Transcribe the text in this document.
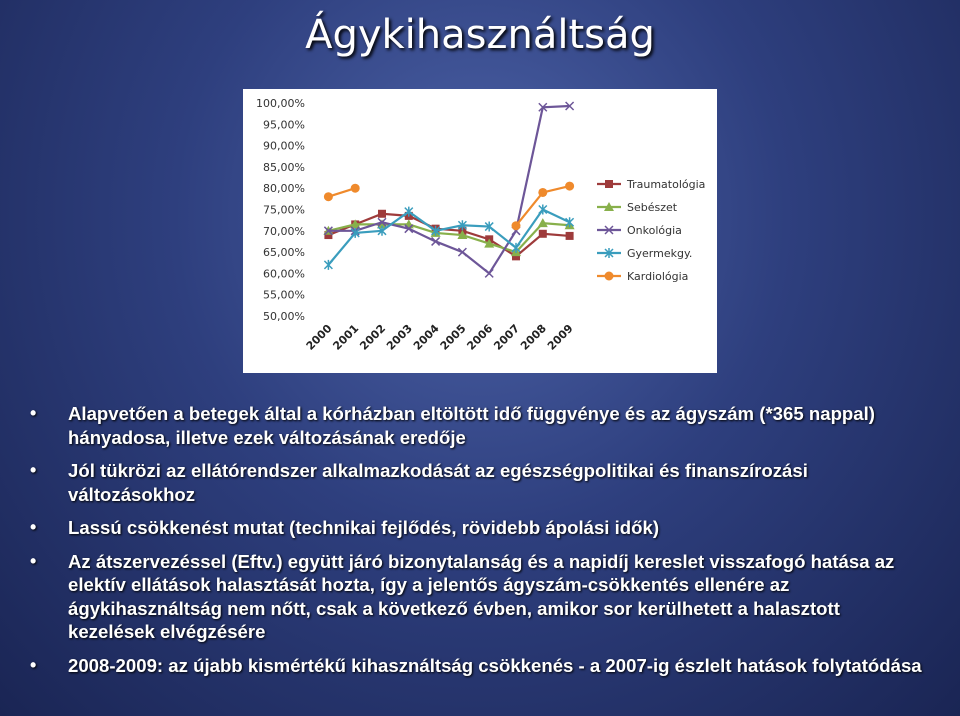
Ágykihasználtság
100,00%
95,00%
90,00%
85,00%
80,00%
75,00%
70,00%
65,00%
60,00%
55,00%
50,00%
2000
2001
2002
2003
2004
2005
2006
2007
2008
2009
Traumatológia
Sebészet
Onkológia
Gyermekgy.
Kardiológia
• Alapvetően a betegek által a kórházban eltöltött idő függvénye és az ágyszám (*365 nappal) hányadosa, illetve ezek változásának eredője
• Jól tükrözi az ellátórendszer alkalmazkodását az egészségpolitikai és finanszírozási változásokhoz
• Lassú csökkenést mutat (technikai fejlődés, rövidebb ápolási idők)
• Az átszervezéssel (Eftv.) együtt járó bizonytalanság és a napidíj kereslet visszafogó hatása az elektív ellátások halasztását hozta, így a jelentős ágyszám-csökkentés ellenére az ágykihasználtság nem nőtt, csak a következő évben, amikor sor kerülhetett a halasztott kezelések elvégzésére
• 2008-2009: az újabb kismértékű kihasználtság csökkenés - a 2007-ig észlelt hatások folytatódása
